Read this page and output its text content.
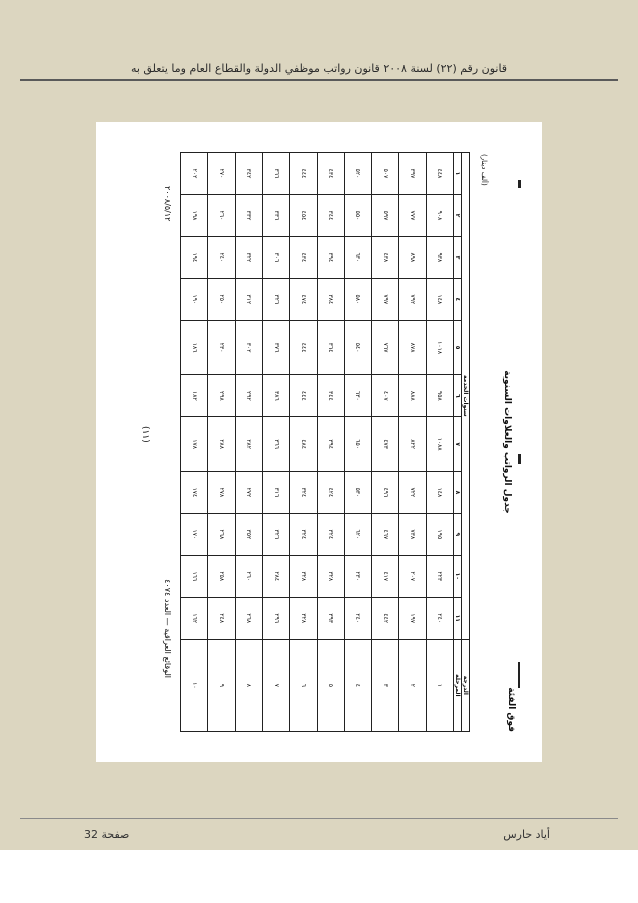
قانون رقم (٢٢) لسنة ٢٠٠٨ قانون رواتب موظفي الدولة والقطاع العام وما يتعلق به
فوق الفئة
جدول الرواتب والعلاوات السنوية
(ألف دينار)
الدرجة	سنوات الخدمة										
المرحلة	١١	١٠	٩	٨	٧	٦	٥	٤	٣	٢	١
١	٢٤٠	٢٢٣	١٩٥	١٤٨	١٠٨٨	٩٥٨	١٠١٨	١٤٨	٩٣٨	٩٠٨	٤٤٨
٢	١٩٧	٢٠٧	٧٣٨	٧٢٢	٨٢٢	٨٨٨	٨٧٨	٧٩٢	٨٩٨	٧٧٧	٣٩٧
٣	٤٤٢	٤١٧	٤٦٧	٤٩٦	٤٧٣	٤٠٧	٧٦٧	٧٩٧	٤٣٨	٥٩٧	٥٠٧
٤	٢٤٠	٢٣٠	٦٢٠	٥٣٠	٦٥٠	٦٣٠	٥٤٠	٥٨٠	٦٣٠	٥٥٠	٥٢٠
٥	٣٩٣	٣٢٨	٣٢٤	٤٢٤	٣٩٤	٣٤٤	٣٦٤	٣٨٤	٣٩٤	٣٤٤	٤٣٤
٦	٣٢٨	٣٢٨	٣٢٤	٣٢٤	٤٨٤	٤٤٤	٤٤٤	٤٧٤	٤٣٤	٤٥٤	٤٤٤
٧	٢٩٦	٢٨٤	٣٢٦	٣١٦	٣٦٦	٣٨٦	٣٧٦	٣٢٦	٣٠٦	٣٣٦	٣٦٦
٨	٢٦٨	٢٦٠	٣٥٢	٢٧٢	٢٨٢	٢٩٢	٣٠٢	٣١٢	٣٢٢	٣٣٢	٣٤٢
٩	٢٤٨	٢٥٨	٢٦٨	٢٧٨	٢٨٨	٢٩٨	٢٣٠	٢٥٠	٢٤٠	٢٦٠	٢٧٠
١٠	١٦٢	١٦٦	١٧٠	١٧٤	١٧٨	١٨٢	١٨٦	١٩٠	١٩٤	١٩٨	٢٠٢
الوقائع العراقية — العدد ٤٠٧٤
٢٠٠٨/٥/١٢
(١١)
صفحة 32	أياد حارس
